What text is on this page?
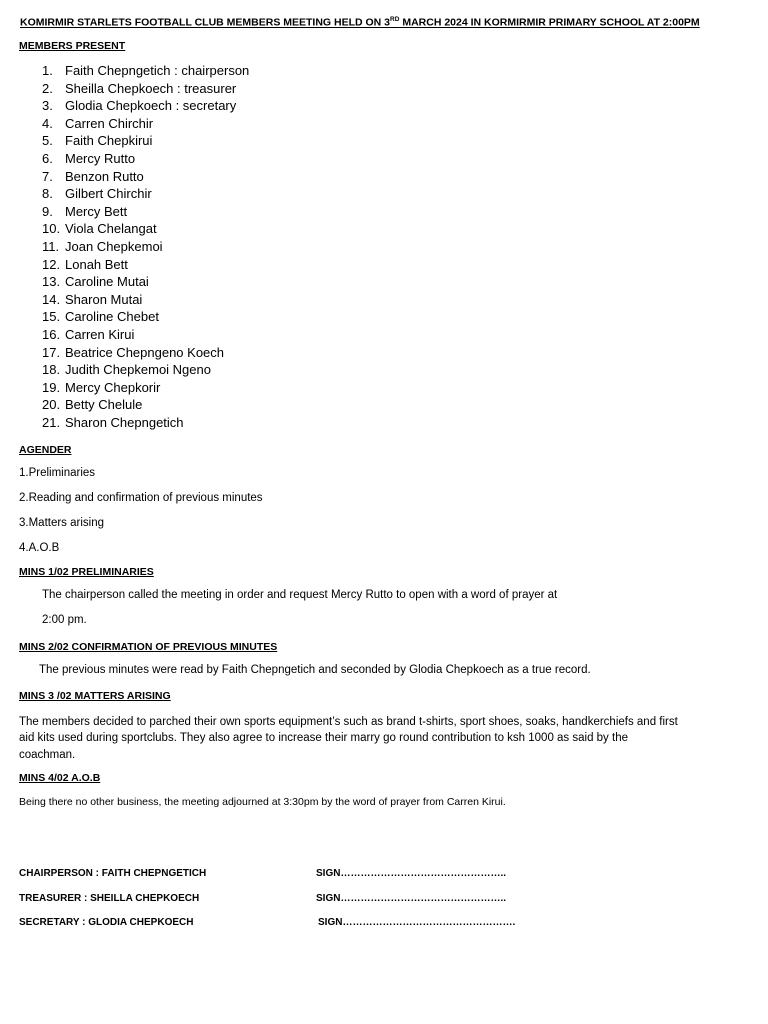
KOMIRMIR STARLETS FOOTBALL CLUB MEMBERS MEETING HELD ON 3RD MARCH 2024 IN KORMIRMIR PRIMARY SCHOOL AT 2:00PM
MEMBERS PRESENT
1. Faith Chepngetich : chairperson
2. Sheilla Chepkoech : treasurer
3. Glodia Chepkoech : secretary
4. Carren Chirchir
5. Faith Chepkirui
6. Mercy Rutto
7. Benzon Rutto
8. Gilbert Chirchir
9. Mercy Bett
10. Viola Chelangat
11. Joan Chepkemoi
12. Lonah Bett
13. Caroline Mutai
14. Sharon Mutai
15. Caroline Chebet
16. Carren Kirui
17. Beatrice Chepngeno Koech
18. Judith Chepkemoi Ngeno
19. Mercy Chepkorir
20. Betty Chelule
21. Sharon Chepngetich
AGENDER
1.Preliminaries
2.Reading and confirmation of previous minutes
3.Matters arising
4.A.O.B
MINS 1/02 PRELIMINARIES
The chairperson called the meeting in order and request Mercy Rutto to open with a word of prayer at
2:00 pm.
MINS 2/02 CONFIRMATION OF PREVIOUS MINUTES
The previous minutes were read by Faith Chepngetich and seconded by Glodia Chepkoech as a true record.
MINS 3 /02 MATTERS ARISING
The members decided to parched their own sports equipment’s such as brand t-shirts, sport shoes, soaks, handkerchiefs and first aid kits used during sportclubs. They also agree to increase their marry go round contribution to ksh 1000 as said by the coachman.
MINS 4/02 A.O.B
Being there no other business, the meeting adjourned at 3:30pm by the word of prayer from Carren Kirui.
CHAIRPERSON : FAITH CHEPNGETICH	SIGN…………………………………………..
TREASURER : SHEILLA CHEPKOECH	SIGN…………………………………………..
SECRETARY : GLODIA CHEPKOECH	SIGN…………………………………………….
